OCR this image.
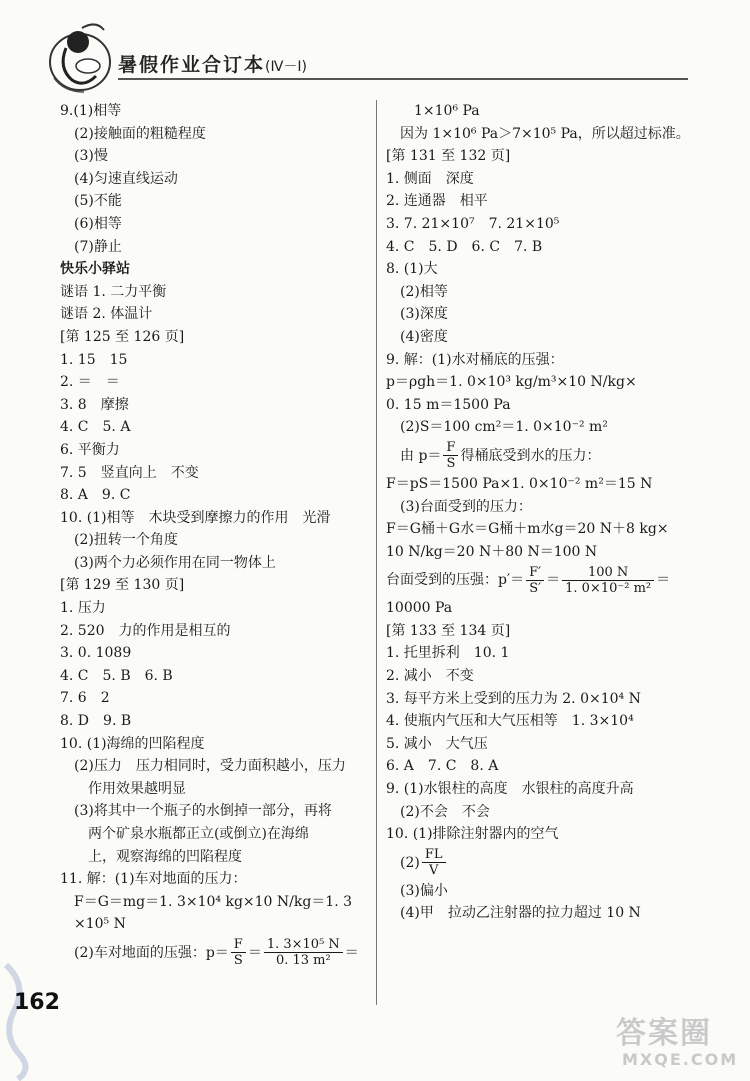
暑假作业合订本(Ⅳ－Ⅰ)
9.(1)相等
(2)接触面的粗糙程度
(3)慢
(4)匀速直线运动
(5)不能
(6)相等
(7)静止
快乐小驿站
谜语 1. 二力平衡
谜语 2. 体温计
[第 125 至 126 页]
1. 15　15
2. ＝　＝
3. 8　摩擦
4. C　5. A
6. 平衡力
7. 5　竖直向上　不变
8. A　9. C
10. (1)相等　木块受到摩擦力的作用　光滑
(2)扭转一个角度
(3)两个力必须作用在同一物体上
[第 129 至 130 页]
1. 压力
2. 520　力的作用是相互的
3. 0. 1089
4. C　5. B　6. B
7. 6　2
8. D　9. B
10. (1)海绵的凹陷程度
(2)压力　压力相同时，受力面积越小，压力
作用效果越明显
(3)将其中一个瓶子的水倒掉一部分，再将
两个矿泉水瓶都正立(或倒立)在海绵
上，观察海绵的凹陷程度
11. 解：(1)车对地面的压力：
F＝G＝mg＝1. 3×10⁴ kg×10 N/kg＝1. 3
×10⁵ N
(2)车对地面的压强：$p= \frac{F}{S} = \frac{\text{1. 3×10⁵ N}}{\text{0. 13 m²}}$ ＝
1×10⁶ Pa
因为 1×10⁶ Pa＞7×10⁵ Pa，所以超过标准。
[第 131 至 132 页]
1. 侧面　深度
2. 连通器　相平
3. 7. 21×10⁷　7. 21×10⁵
4. C　5. D　6. C　7. B
8. (1)大
(2)相等
(3)深度
(4)密度
9. 解：(1)水对桶底的压强：
p＝ρgh＝1. 0×10³ kg/m³×10 N/kg×
0. 15 m＝1500 Pa
(2)S＝100 cm²＝1. 0×10⁻² m²
由 $p= \frac{F}{S}$ 得桶底受到水的压力：
F＝pS＝1500 Pa×1. 0×10⁻² m²＝15 N
(3)台面受到的压力：
F＝G桶＋G水＝G桶＋m水g＝20 N＋8 kg×
10 N/kg＝20 N＋80 N＝100 N
台面受到的压强：$p'= \frac{F'}{S'} = \frac{100 N}{\text{1. 0×10⁻² m²}}$ ＝
10000 Pa
[第 133 至 134 页]
1. 托里拆利　10. 1
2. 减小　不变
3. 每平方米上受到的压力为 2. 0×10⁴ N
4. 使瓶内气压和大气压相等　1. 3×10⁴
5. 减小　大气压
6. A　7. C　8. A
9. (1)水银柱的高度　水银柱的高度升高
(2)不会　不会
10. (1)排除注射器内的空气
$(2) \frac{FL}{V}$
(3)偏小
(4)甲　拉动乙注射器的拉力超过 10 N
162
答案圈
MXQE.COM
